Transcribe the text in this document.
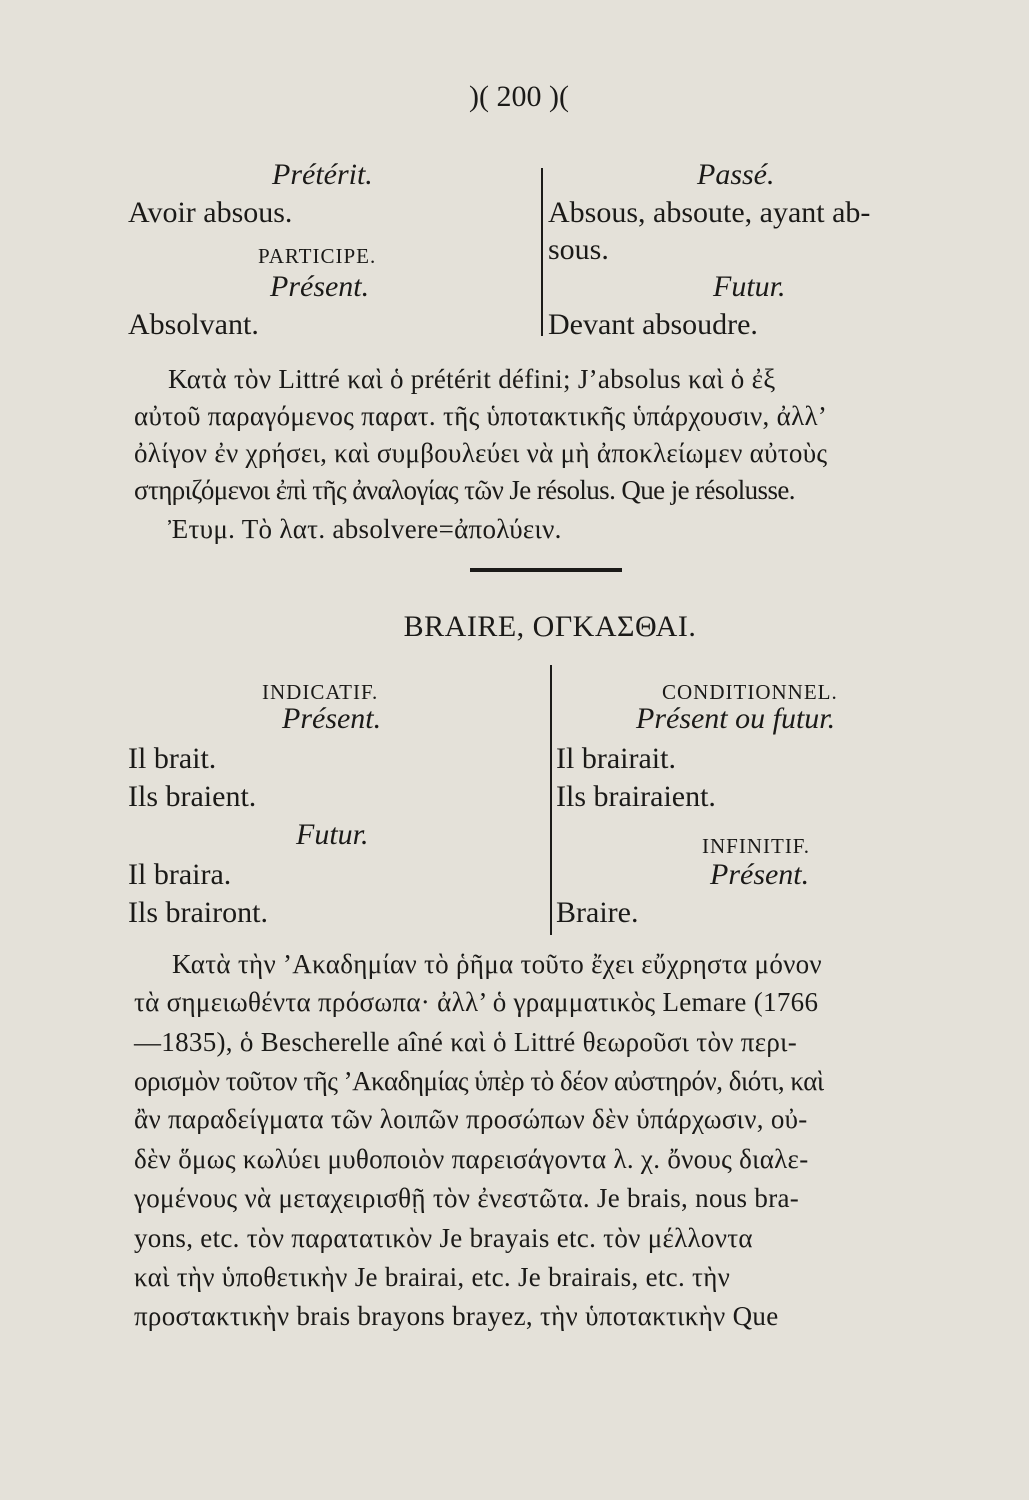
)( 200 )(
Prétérit.
Avoir absous.
PARTICIPE.
Présent.
Absolvant.
Passé.
Absous, absoute, ayant ab-
sous.
Futur.
Devant absoudre.
Κατὰ τὸν Littré καὶ ὁ prétérit défini; J’absolus καὶ ὁ ἐξ
αὐτοῦ παραγόμενος παρατ. τῆς ὑποτακτικῆς ὑπάρχουσιν, ἀλλ’
ὀλίγον ἐν χρήσει, καὶ συμβουλεύει νὰ μὴ ἀποκλείωμεν αὐτοὺς
στηριζόμενοι ἐπὶ τῆς ἀναλογίας τῶν Je résolus. Que je résolusse.
Ἐτυμ. Τὸ λατ. absolvere=ἀπολύειν.
BRAIRE, ΟΓΚΑΣΘΑΙ.
INDICATIF.
Présent.
Il brait.
Ils braient.
Futur.
Il braira.
Ils brairont.
CONDITIONNEL.
Présent ou futur.
Il brairait.
Ils brairaient.
INFINITIF.
Présent.
Braire.
Κατὰ τὴν ’Ακαδημίαν τὸ ῥῆμα τοῦτο ἔχει εὔχρηστα μόνον
τὰ σημειωθέντα πρόσωπα· ἀλλ’ ὁ γραμματικὸς Lemare (1766
—1835), ὁ Bescherelle aîné καὶ ὁ Littré θεωροῦσι τὸν περι-
ορισμὸν τοῦτον τῆς ’Ακαδημίας ὑπὲρ τὸ δέον αὐστηρόν, διότι, καὶ
ἂν παραδείγματα τῶν λοιπῶν προσώπων δὲν ὑπάρχωσιν, οὐ-
δὲν ὅμως κωλύει μυθοποιὸν παρεισάγοντα λ. χ. ὄνους διαλε-
γομένους νὰ μεταχειρισθῇ τὸν ἐνεστῶτα. Je brais, nous bra-
yons, etc. τὸν παρατατικὸν Je brayais etc. τὸν μέλλοντα
καὶ τὴν ὑποθετικὴν Je brairai, etc. Je brairais, etc. τὴν
προστακτικὴν brais brayons brayez, τὴν ὑποτακτικὴν Que
